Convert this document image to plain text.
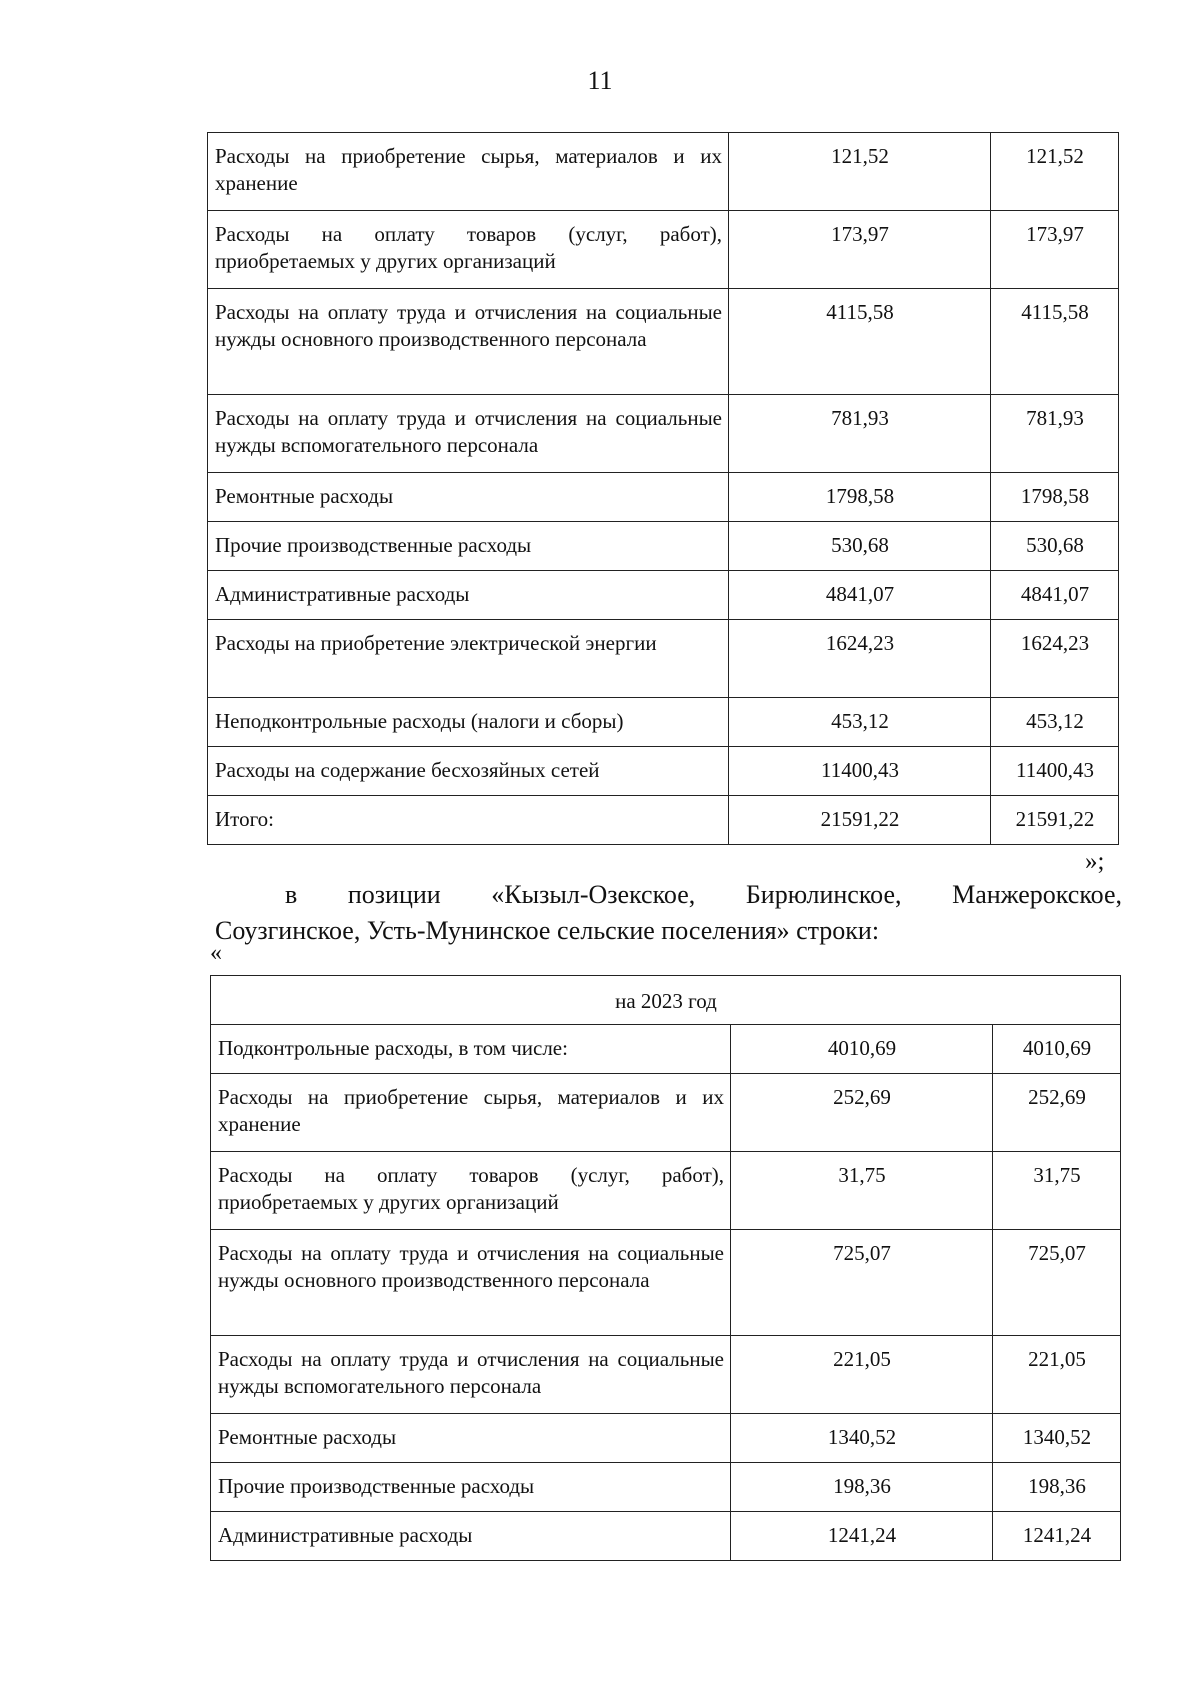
11
Расходы на приобретение сырья, материалов и их хранение	121,52	121,52
Расходы на оплату товаров (услуг, работ), приобретаемых у других организаций	173,97	173,97
Расходы на оплату труда и отчисления на социальные нужды основного производственного персонала	4115,58	4115,58
Расходы на оплату труда и отчисления на социальные нужды вспомогательного персонала	781,93	781,93
Ремонтные расходы	1798,58	1798,58
Прочие производственные расходы	530,68	530,68
Административные расходы	4841,07	4841,07
Расходы на приобретение электрической энергии	1624,23	1624,23
Неподконтрольные расходы (налоги и сборы)	453,12	453,12
Расходы на содержание бесхозяйных сетей	11400,43	11400,43
Итого:	21591,22	21591,22
»;
в позиции «Кызыл-Озекское, Бирюлинское, Манжерокское,
Соузгинское, Усть-Мунинское сельские поселения» строки:
«
на 2023 год		
Подконтрольные расходы, в том числе:	4010,69	4010,69
Расходы на приобретение сырья, материалов и их хранение	252,69	252,69
Расходы на оплату товаров (услуг, работ), приобретаемых у других организаций	31,75	31,75
Расходы на оплату труда и отчисления на социальные нужды основного производственного персонала	725,07	725,07
Расходы на оплату труда и отчисления на социальные нужды вспомогательного персонала	221,05	221,05
Ремонтные расходы	1340,52	1340,52
Прочие производственные расходы	198,36	198,36
Административные расходы	1241,24	1241,24
